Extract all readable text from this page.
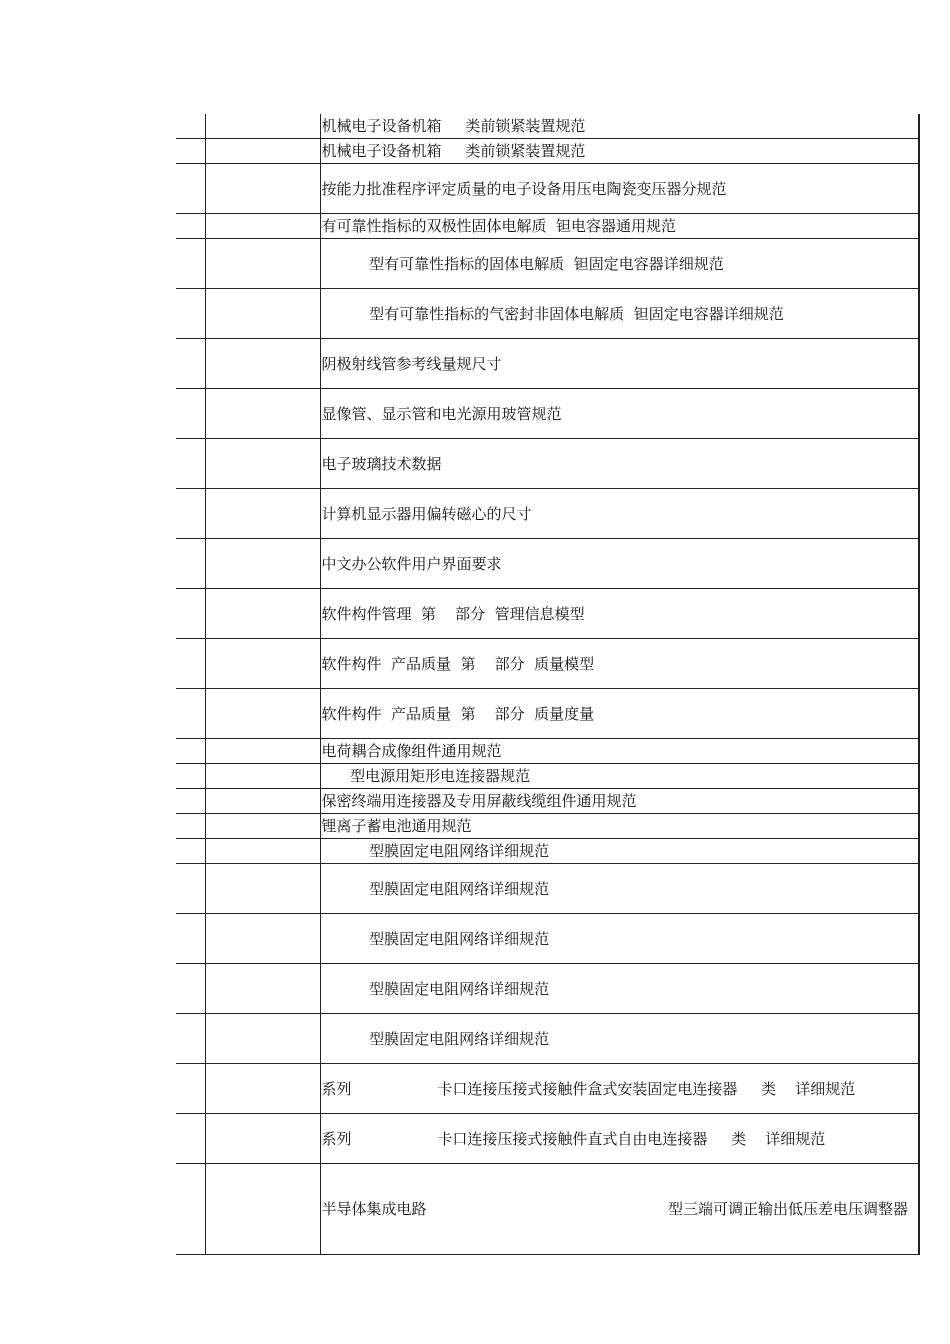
		机械电子设备机箱     类前锁紧装置规范
		机械电子设备机箱     类前锁紧装置规范
		按能力批准程序评定质量的电子设备用压电陶瓷变压器分规范
		有可靠性指标的双极性固体电解质  钽电容器通用规范
		型有可靠性指标的固体电解质  钽固定电容器详细规范
		型有可靠性指标的气密封非固体电解质  钽固定电容器详细规范
		阴极射线管参考线量规尺寸
		显像管、显示管和电光源用玻管规范
		电子玻璃技术数据
		计算机显示器用偏转磁心的尺寸
		中文办公软件用户界面要求
		软件构件管理  第    部分  管理信息模型
		软件构件  产品质量  第    部分  质量模型
		软件构件  产品质量  第    部分  质量度量
		电荷耦合成像组件通用规范
		型电源用矩形电连接器规范
		保密终端用连接器及专用屏蔽线缆组件通用规范
		锂离子蓄电池通用规范
		型膜固定电阻网络详细规范
		型膜固定电阻网络详细规范
		型膜固定电阻网络详细规范
		型膜固定电阻网络详细规范
		型膜固定电阻网络详细规范
		系列                  卡口连接压接式接触件盒式安装固定电连接器     类    详细规范
		系列                  卡口连接压接式接触件直式自由电连接器     类    详细规范

		半导体集成电路 型三端可调正输出低压差电压调整器
